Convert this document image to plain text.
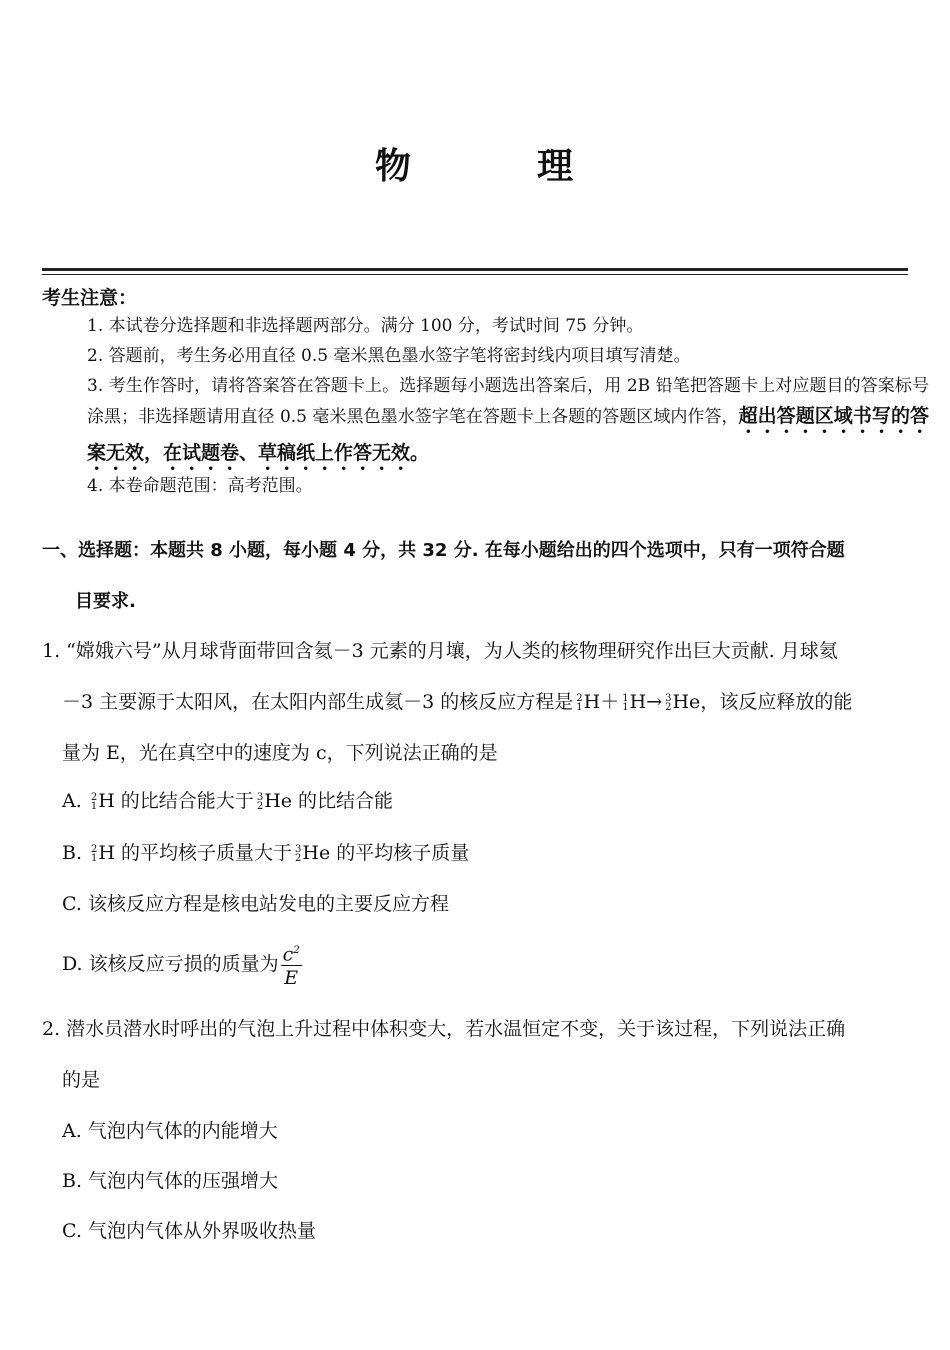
物	理
考生注意：
1. 本试卷分选择题和非选择题两部分。满分 100 分，考试时间 75 分钟。
2. 答题前，考生务必用直径 0.5 毫米黑色墨水签字笔将密封线内项目填写清楚。
3. 考生作答时，请将答案答在答题卡上。选择题每小题选出答案后，用 2B 铅笔把答题卡上对应题目的答案标号涂黑；非选择题请用直径 0.5 毫米黑色墨水签字笔在答题卡上各题的答题区域内作答，超出答题区域书写的答案无效，在试题卷、草稿纸上作答无效。
4. 本卷命题范围：高考范围。
一、选择题：本题共 8 小题，每小题 4 分，共 32 分. 在每小题给出的四个选项中，只有一项符合题
目要求.
1. “嫦娥六号”从月球背面带回含氦－3 元素的月壤，为人类的核物理研究作出巨大贡献. 月球氦
－3 主要源于太阳风，在太阳内部生成氦－3 的核反应方程是 2
1 H＋ 1
1 H→ 3
2 He，该反应释放的能
量为 E，光在真空中的速度为 c，下列说法正确的是
A. 2
1 H 的比结合能大于 3
2 He 的比结合能
B. 2
1 H 的平均核子质量大于 3
2 He 的平均核子质量
C. 该核反应方程是核电站发电的主要反应方程
D. 该核反应亏损的质量为 $\frac{c^2}{E}$
2. 潜水员潜水时呼出的气泡上升过程中体积变大，若水温恒定不变，关于该过程，下列说法正确
的是
A. 气泡内气体的内能增大
B. 气泡内气体的压强增大
C. 气泡内气体从外界吸收热量
